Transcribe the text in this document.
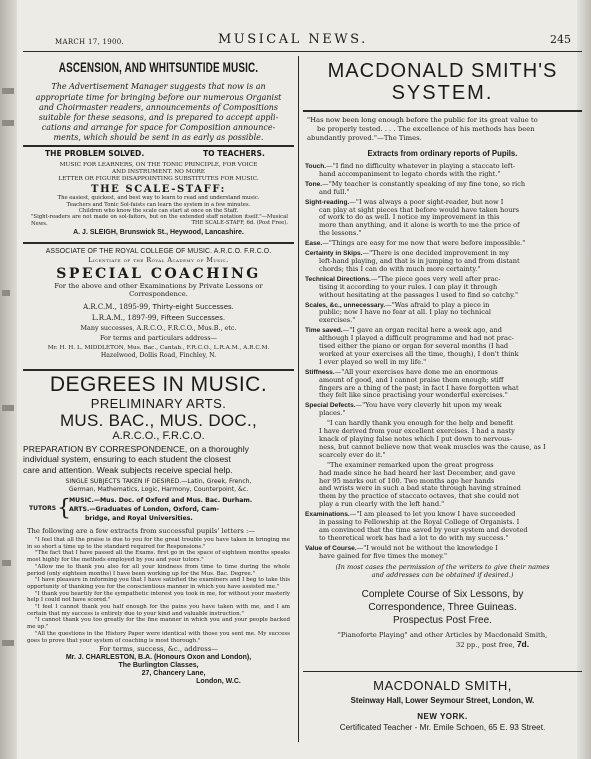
MARCH 17, 1900.	MUSICAL NEWS.	245
ASCENSION, AND WHITSUNTIDE MUSIC.
The Advertisement Manager suggests that now is an
appropriate time for bringing before our numerous Organist
and Choirmaster readers, announcements of Compositions
suitable for these seasons, and is prepared to accept appli-
cations and arrange for space for Composition announce-
ments, which should be sent in as early as possible.
THE PROBLEM SOLVED.	TO TEACHERS.
MUSIC FOR LEARNERS, ON THE TONIC PRINCIPLE, FOR VOICE
AND INSTRUMENT. NO MORE
LETTER OR FIGURE DISAPPOINTING SUBSTITUTES FOR MUSIC.
THE SCALE-STAFF:
The easiest, quickest, and best way to learn to read and understand music.
Teachers and Tonic Sol-faists can learn the system in a few minutes.
Children who know the scale can start at once on the Staff.
"Sight-readers are not made on sol-faitors, but on the extended staff notation itself."—Musical News.	THE SCALE-STAFF, 6d. (Post Free).
A. J. SLEIGH, Brunswick St., Heywood, Lancashire.
ASSOCIATE OF THE ROYAL COLLEGE OF MUSIC. A.R.C.O. F.R.C.O.
Licentiate of the Royal Academy of Music.
SPECIAL COACHING
For the above and other Examinations by Private Lessons or
Correspondence.
A.R.C.M., 1895-99, Thirty-eight Successes.
L.R.A.M., 1897-99, Fifteen Successes.
Many successes, A.R.C.O., F.R.C.O., Mus.B., etc.
For terms and particulars address—
Mr. H. H. L. MIDDLETON, Mus. Bac., Cantab., F.R.C.O., L.R.A.M., A.R.C.M.
Hazelwood, Dollis Road, Finchley, N.
DEGREES IN MUSIC.
PRELIMINARY ARTS.
MUS. BAC., MUS. DOC.,
A.R.C.O., F.R.C.O.
PREPARATION BY CORRESPONDENCE, on a thoroughly
individual system, ensuring to each student the closest
care and attention. Weak subjects receive special help.
SINGLE SUBJECTS TAKEN IF DESIRED.—Latin, Greek, French,
German, Mathematics, Logic, Harmony, Counterpoint, &c.
TUTORS {
MUSIC.—Mus. Doc. of Oxford and Mus. Bac. Durham.
ARTS.—Graduates of London, Oxford, Cam-
bridge, and Royal Universities.
The following are a few extracts from successful pupils' letters :—

"I feel that all the praise is due to you for the great trouble you have taken in bringing me in so short a time up to the standard required for Responsions."

"The fact that I have passed all the Exams. first go in the space of eighteen months speaks most highly for the methods employed by you and your tutors."

"Allow me to thank you also for all your kindness from time to time during the whole period (only eighteen months) I have been working up for the Mus. Bac. Degree."

"I have pleasure in informing you that I have satisfied the examiners and I beg to take this opportunity of thanking you for the conscientious manner in which you have assisted me."

"I thank you heartily for the sympathetic interest you took in me, for without your masterly help I could not have scored."

"I feel I cannot thank you half enough for the pains you have taken with me, and I am certain that my success is entirely due to your kind and valuable instruction."

"I cannot thank you too greatly for the fine manner in which you and your people backed me up."

"All the questions in the History Paper were identical with those you sent me. My success goes to prove that your system of coaching is most thorough."

For terms, success, &c., address—
Mr. J. CHARLESTON, B.A. (Honours Oxon and London),
The Burlington Classes,
27, Chancery Lane,
London, W.C.
MACDONALD SMITH'S
SYSTEM.
"Has now been long enough before the public for its great value to
be properly tested. . . . The excellence of his methods has been
abundantly proved."—The Times.
Extracts from ordinary reports of Pupils.
Touch.—"I find no difficulty whatever in playing a staccato left-
hand accompaniment to legato chords with the right."
Tone.—"My teacher is constantly speaking of my fine tone, so rich
and full."
Sight-reading.—"I was always a poor sight-reader, but now I
can play at sight pieces that before would have taken hours
of work to do as well. I notice my improvement in this
more than anything, and it alone is worth to me the price of
the lessons."
Ease.—"Things are easy for me now that were before impossible."
Certainty in Skips.—"There is one decided improvement in my
left-hand playing, and that is in jumping to and from distant
chords; this I can do with much more certainty."
Technical Directions.—"The piece goes very well after prac-
tising it according to your rules. I can play it through
without hesitating at the passages I used to find so catchy."
Scales, &c., unnecessary.—"Was afraid to play a piece in
public; now I have no fear at all. I play no technical
exercises."
Time saved.—"I gave an organ recital here a week ago, and
although I played a difficult programme and had not prac-
tised either the piano or organ for several months (I had
worked at your exercises all the time, though), I don't think
I ever played so well in my life."
Stiffness.—"All your exercises have done me an enormous
amount of good, and I cannot praise them enough; stiff
fingers are a thing of the past; in fact I have forgotten what
they felt like since practising your wonderful exercises."
Special Defects.—"You have very cleverly hit upon my weak
places."
"I can hardly thank you enough for the help and benefit
I have derived from your excellent exercises. I had a nasty
knack of playing false notes which I put down to nervous-
ness, but cannot believe now that weak muscles was the cause, as I
scarcely ever do it."
"The examiner remarked upon the great progress
had made since he had heard her last December, and gave
her 95 marks out of 100. Two months ago her hands
and wrists were in such a bad state through having strained
them by the practice of staccato octaves, that she could not
play a run clearly with the left hand."
Examinations.—"I am pleased to let you know I have succeeded
in passing to Fellowship at the Royal College of Organists. I
am convinced that the time saved by your system and devoted
to theoretical work has had a lot to do with my success."
Value of Course.—"I would not be without the knowledge I
have gained for five times the money."
(In most cases the permission of the writers to give their names
and addresses can be obtained if desired.)
Complete Course of Six Lessons, by
Correspondence, Three Guineas.
Prospectus Post Free.
"Pianoforte Playing" and other Articles by Macdonald Smith,
32 pp., post free, 7d.
MACDONALD SMITH,
Steinway Hall, Lower Seymour Street, London, W.
NEW YORK.
Certificated Teacher - Mr. Emile Schoen, 65 E. 93 Street.
